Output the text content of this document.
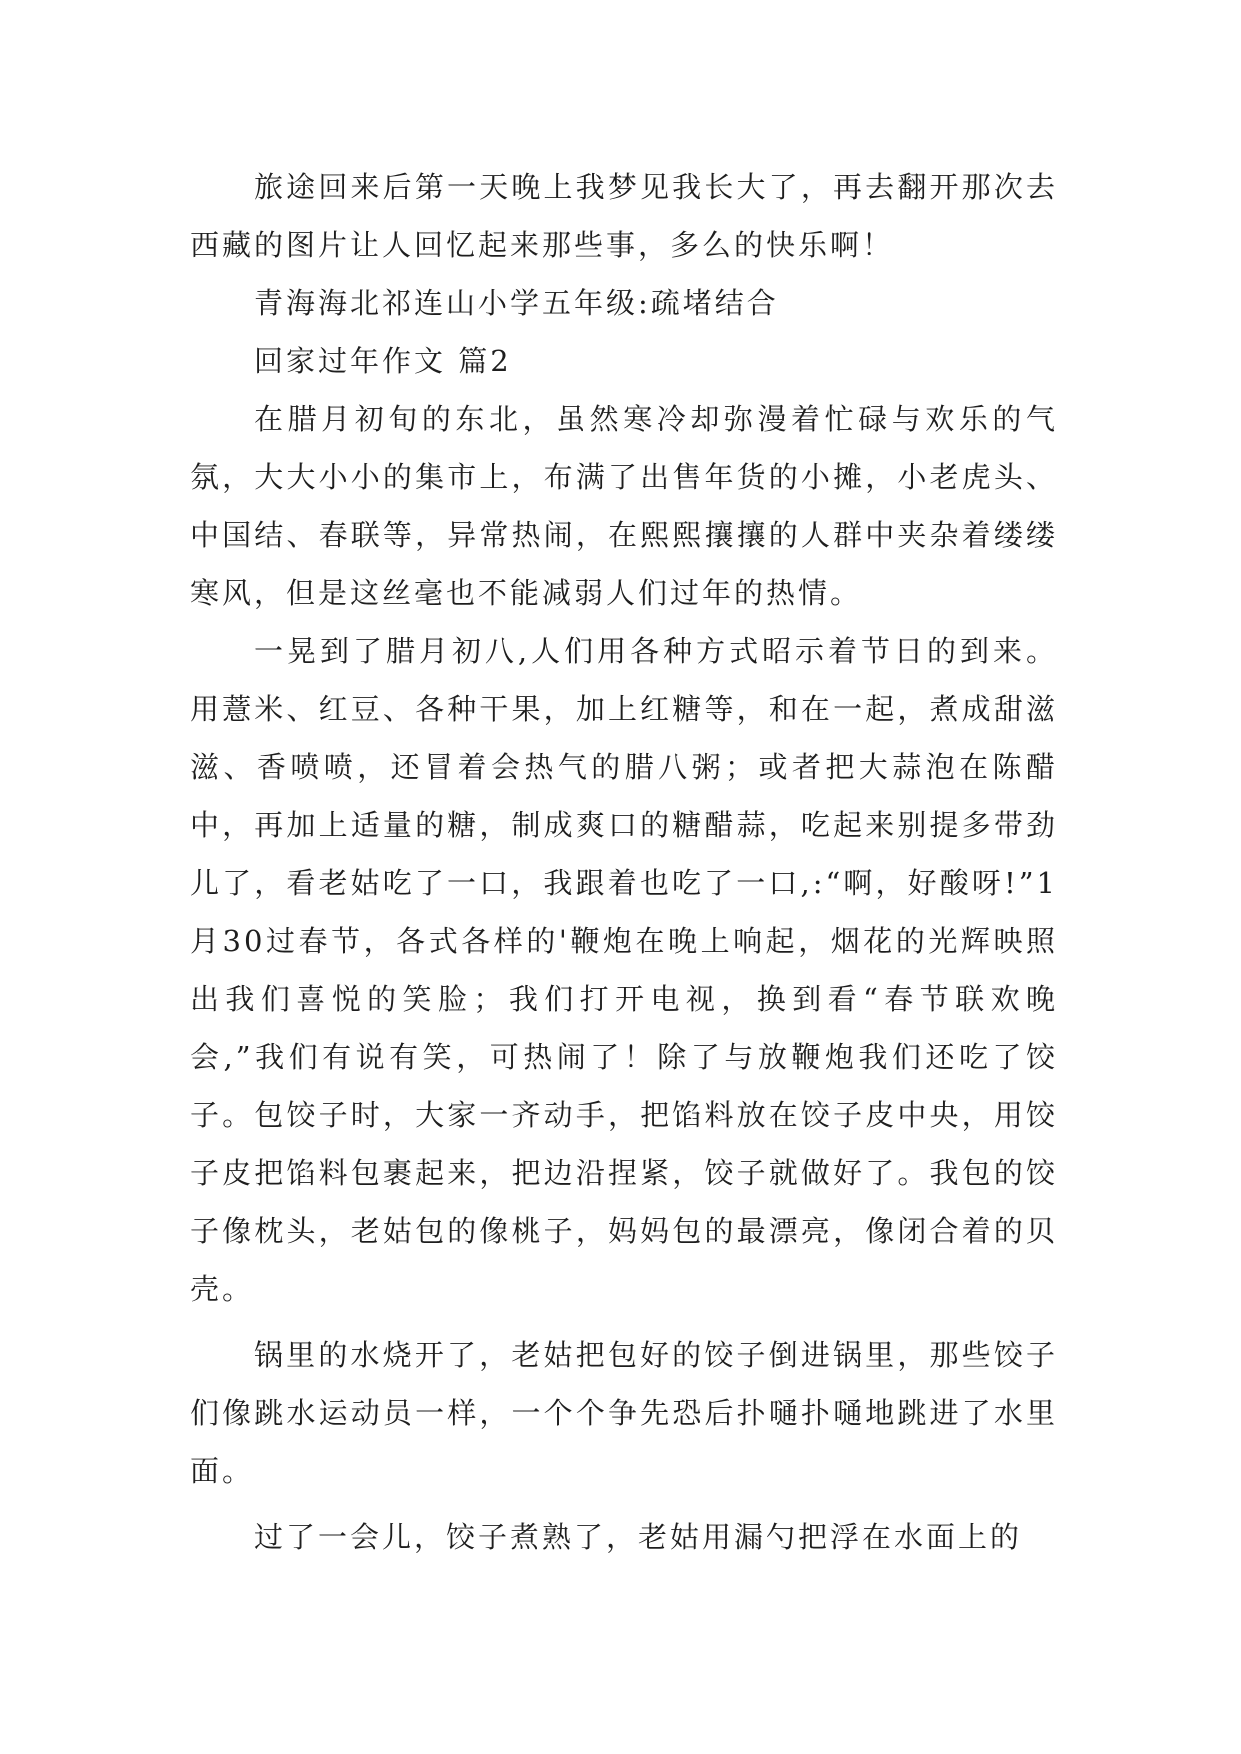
旅途回来后第一天晚上我梦见我长大了，再去翻开那次去西藏的图片让人回忆起来那些事，多么的快乐啊！

青海海北祁连山小学五年级:疏堵结合

回家过年作文 篇2

在腊月初旬的东北，虽然寒冷却弥漫着忙碌与欢乐的气氛，大大小小的集市上，布满了出售年货的小摊，小老虎头、中国结、春联等，异常热闹，在熙熙攘攘的人群中夹杂着缕缕寒风，但是这丝毫也不能减弱人们过年的热情。

一晃到了腊月初八,人们用各种方式昭示着节日的到来。用薏米、红豆、各种干果，加上红糖等，和在一起，煮成甜滋滋、香喷喷，还冒着会热气的腊八粥；或者把大蒜泡在陈醋中，再加上适量的糖，制成爽口的糖醋蒜，吃起来别提多带劲儿了，看老姑吃了一口，我跟着也吃了一口,:“啊，好酸呀!”1月30过春节，各式各样的'鞭炮在晚上响起，烟花的光辉映照出我们喜悦的笑脸；我们打开电视，换到看“春节联欢晚会,”我们有说有笑，可热闹了！除了与放鞭炮我们还吃了饺子。包饺子时，大家一齐动手，把馅料放在饺子皮中央，用饺子皮把馅料包裹起来，把边沿捏紧，饺子就做好了。我包的饺子像枕头，老姑包的像桃子，妈妈包的最漂亮，像闭合着的贝壳。

锅里的水烧开了，老姑把包好的饺子倒进锅里，那些饺子们像跳水运动员一样，一个个争先恐后扑嗵扑嗵地跳进了水里面。

过了一会儿，饺子煮熟了，老姑用漏勺把浮在水面上的
